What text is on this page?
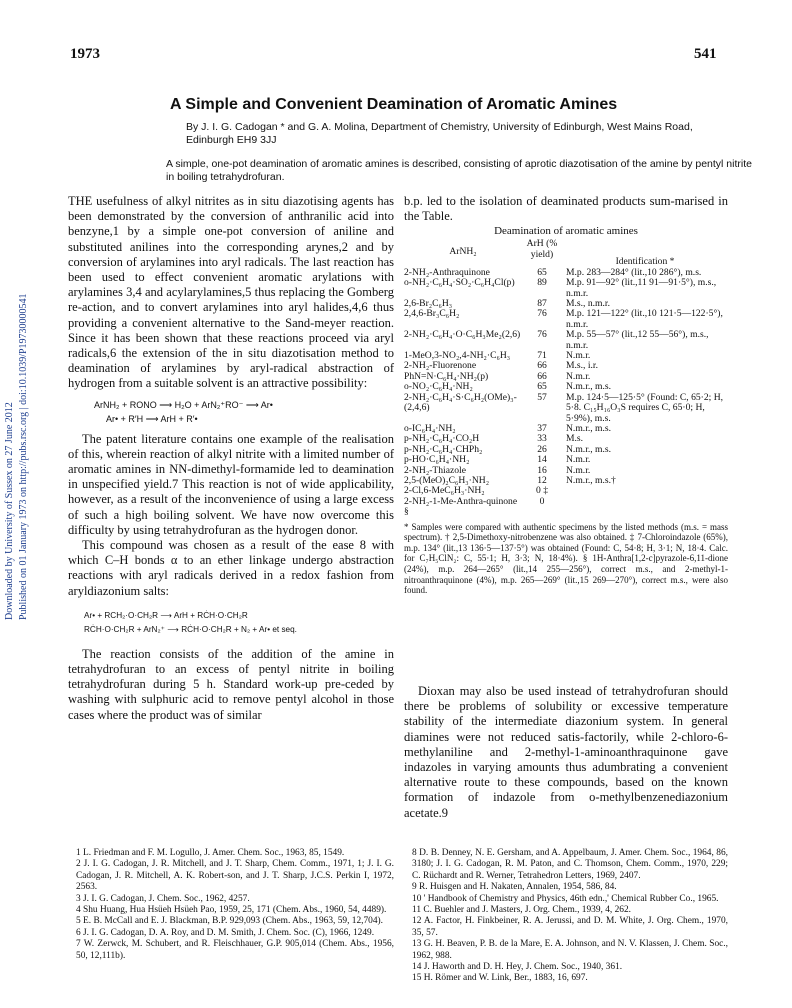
Downloaded by University of Sussex on 27 June 2012 Published on 01 January 1973 on http://pubs.rsc.org | doi:10.1039/P19730000541
1973	541
A Simple and Convenient Deamination of Aromatic Amines
By J. I. G. Cadogan * and G. A. Molina, Department of Chemistry, University of Edinburgh, West Mains Road,
Edinburgh EH9 3JJ
A simple, one-pot deamination of aromatic amines is described, consisting of aprotic diazotisation of the amine by pentyl nitrite in boiling tetrahydrofuran.

THE usefulness of alkyl nitrites as in situ diazotising agents has been demonstrated by the conversion of anthranilic acid into benzyne,1 by a simple one-pot conversion of aniline and substituted anilines into the corresponding arynes,2 and by conversion of arylamines into aryl radicals. The last reaction has been used to effect convenient aromatic arylations with arylamines 3,4 and acylarylamines,5 thus replacing the Gomberg re-action, and to convert arylamines into aryl halides,4,6 thus providing a convenient alternative to the Sand-meyer reaction. Since it has been shown that these reactions proceed via aryl radicals,6 the extension of the in situ diazotisation method to deamination of arylamines by aryl-radical abstraction of hydrogen from a suitable solvent is an attractive possibility:

ArNH₂ + RONO ⟶ H₂O + ArN₂⁺RO⁻ ⟶ Ar•
Ar• + R′H ⟶ ArH + R′•

The patent literature contains one example of the realisation of this, wherein reaction of alkyl nitrite with a limited number of aromatic amines in NN-dimethyl-formamide led to deamination in unspecified yield.7 This reaction is not of wide applicability, however, as a result of the inconvenience of using a large excess of such a high boiling solvent. We have now overcome this difficulty by using tetrahydrofuran as the hydrogen donor.

This compound was chosen as a result of the ease 8 with which C–H bonds α to an ether linkage undergo abstraction reactions with aryl radicals derived in a redox fashion from aryldiazonium salts:

Ar• + RCH₂·O·CH₂R ⟶ ArH + RĊH·O·CH₂R
RĊH·O·CH₂R + ArN₂⁺ ⟶ RĊH·O·CH₂R + N₂ + Ar• et seq.

The reaction consists of the addition of the amine in tetrahydrofuran to an excess of pentyl nitrite in boiling tetrahydrofuran during 5 h. Standard work-up pre-ceded by washing with sulphuric acid to remove pentyl alcohol in those cases where the product was of similar

b.p. led to the isolation of deaminated products sum-marised in the Table.

Deamination of aromatic amines
ArNH₂	ArH (% yield)	Identification *
2-NH₂-Anthraquinone	65	M.p. 283—284° (lit.,10 286°), m.s.
o-NH₂·C₆H₄·SO₂·C₆H₄Cl(p)	89	M.p. 91—92° (lit.,11 91—91·5°), m.s., n.m.r.
2,6-Br₂C₆H₃	87	M.s., n.m.r.
2,4,6-Br₃C₆H₂	76	M.p. 121—122° (lit.,10 121·5—122·5°), n.m.r.
2-NH₂·C₆H₄·O·C₆H₃Me₂(2,6)	76	M.p. 55—57° (lit.,12 55—56°), m.s., n.m.r.
1-MeO,3-NO₂,4-NH₂·C₆H₃	71	N.m.r.
2-NH₂-Fluorenone	66	M.s., i.r.
PhN=N·C₆H₄·NH₂(p)	66	N.m.r.
o-NO₂·C₆H₄·NH₂	65	N.m.r., m.s.
2-NH₂·C₆H₄·S·C₆H₂(OMe)₃-(2,4,6)	57	M.p. 124·5—125·5° (Found: C, 65·2; H, 5·8. C₁₅H₁₆O₃S requires C, 65·0; H, 5·9%), m.s.
o-IC₆H₄·NH₂	37	N.m.r., m.s.
p-NH₂·C₆H₄·CO₂H	33	M.s.
p-NH₂·C₆H₄·CHPh₂	26	N.m.r., m.s.
p-HO·C₆H₄·NH₂	14	N.m.r.
2-NH₂-Thiazole	16	N.m.r.
2,5-(MeO)₂C₆H₃·NH₂	12	N.m.r., m.s.†
2-Cl,6-MeC₆H₃·NH₂	0 ‡	
2-NH₂-1-Me-Anthra-quinone §	0	
* Samples were compared with authentic specimens by the listed methods (m.s. = mass spectrum). † 2,5-Dimethoxy-nitrobenzene was also obtained. ‡ 7-Chloroindazole (65%), m.p. 134° (lit.,13 136·5—137·5°) was obtained (Found: C, 54·8; H, 3·1; N, 18·4. Calc. for C₇H₅ClN₂: C, 55·1; H, 3·3; N, 18·4%). § 1H-Anthra[1,2-c]pyrazole-6,11-dione (24%), m.p. 264—265° (lit.,14 255—256°), correct m.s., and 2-methyl-1-nitroanthraquinone (4%), m.p. 265—269° (lit.,15 269—270°), correct m.s., were also found.

Dioxan may also be used instead of tetrahydrofuran should there be problems of solubility or excessive temperature stability of the intermediate diazonium system. In general diamines were not reduced satis-factorily, while 2-chloro-6-methylaniline and 2-methyl-1-aminoanthraquinone gave indazoles in varying amounts thus adumbrating a convenient alternative route to these compounds, based on the known formation of indazole from o-methylbenzenediazonium acetate.9

1 L. Friedman and F. M. Logullo, J. Amer. Chem. Soc., 1963, 85, 1549.
2 J. I. G. Cadogan, J. R. Mitchell, and J. T. Sharp, Chem. Comm., 1971, 1; J. I. G. Cadogan, J. R. Mitchell, A. K. Robert-son, and J. T. Sharp, J.C.S. Perkin I, 1972, 2563.
3 J. I. G. Cadogan, J. Chem. Soc., 1962, 4257.
4 Shu Huang, Hua Hsüeh Hsüeh Pao, 1959, 25, 171 (Chem. Abs., 1960, 54, 4489).
5 E. B. McCall and E. J. Blackman, B.P. 929,093 (Chem. Abs., 1963, 59, 12,704).
6 J. I. G. Cadogan, D. A. Roy, and D. M. Smith, J. Chem. Soc. (C), 1966, 1249.
7 W. Zerwck, M. Schubert, and R. Fleischhauer, G.P. 905,014 (Chem. Abs., 1956, 50, 12,111b).
8 D. B. Denney, N. E. Gersham, and A. Appelbaum, J. Amer. Chem. Soc., 1964, 86, 3180; J. I. G. Cadogan, R. M. Paton, and C. Thomson, Chem. Comm., 1970, 229; C. Rüchardt and R. Werner, Tetrahedron Letters, 1969, 2407.
9 R. Huisgen and H. Nakaten, Annalen, 1954, 586, 84.
10 ' Handbook of Chemistry and Physics, 46th edn.,' Chemical Rubber Co., 1965.
11 C. Buehler and J. Masters, J. Org. Chem., 1939, 4, 262.
12 A. Factor, H. Finkbeiner, R. A. Jerussi, and D. M. White, J. Org. Chem., 1970, 35, 57.
13 G. H. Beaven, P. B. de la Mare, E. A. Johnson, and N. V. Klassen, J. Chem. Soc., 1962, 988.
14 J. Haworth and D. H. Hey, J. Chem. Soc., 1940, 361.
15 H. Römer and W. Link, Ber., 1883, 16, 697.
